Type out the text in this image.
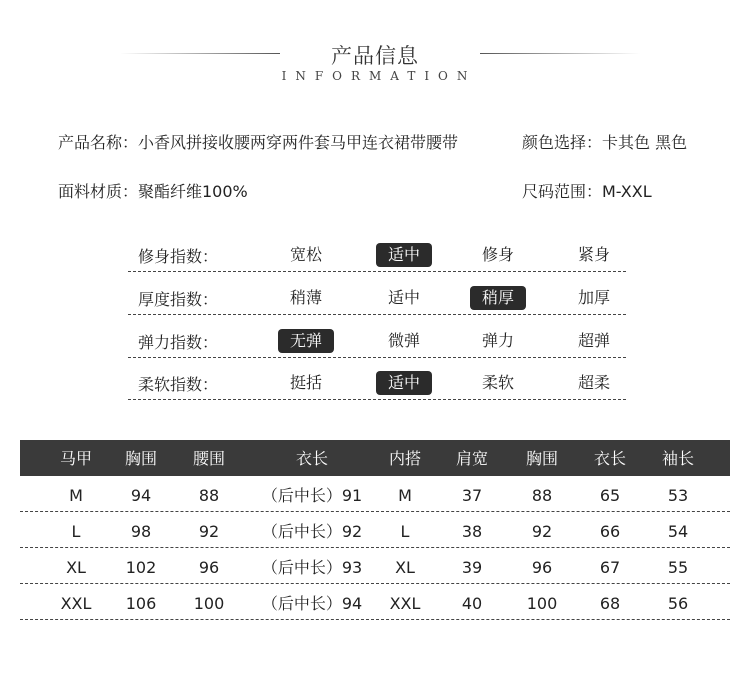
产品信息
INFORMATION
产品名称：小香风拼接收腰两穿两件套马甲连衣裙带腰带	颜色选择：卡其色 黑色
面料材质：聚酯纤维100%	尺码范围：M-XXL
修身指数：	宽松	适中	修身	紧身
厚度指数：	稍薄	适中	稍厚	加厚
弹力指数：	无弹	微弹	弹力	超弹
柔软指数：	挺括	适中	柔软	超柔
马甲	胸围	腰围	衣长	内搭	肩宽	胸围	衣长	袖长
M	94	88	（后中长）91	M	37	88	65	53
L	98	92	（后中长）92	L	38	92	66	54
XL	102	96	（后中长）93	XL	39	96	67	55
XXL	106	100	（后中长）94	XXL	40	100	68	56
